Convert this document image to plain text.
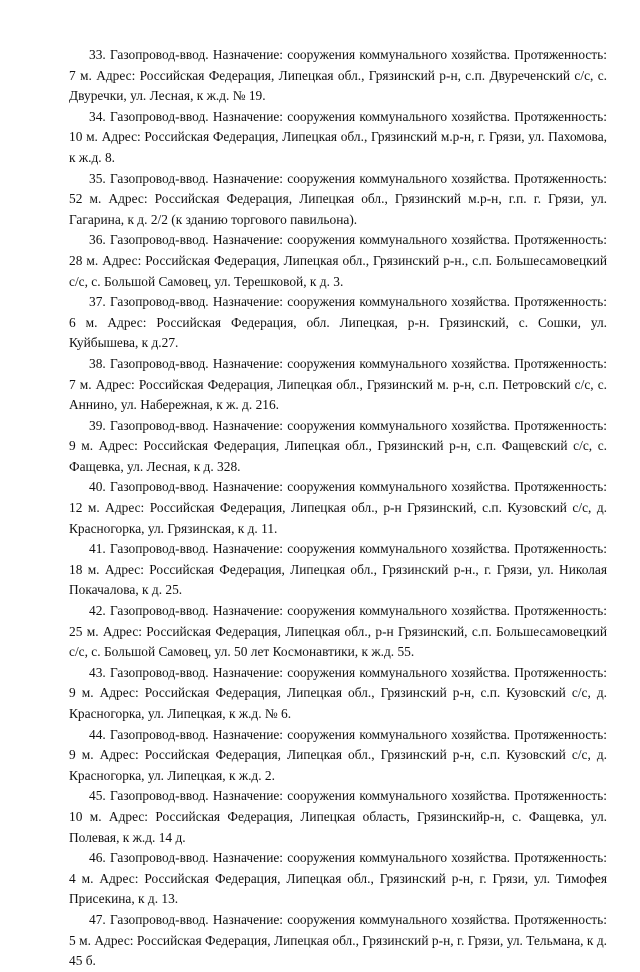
33. Газопровод-ввод. Назначение: сооружения коммунального хозяйства. Протяженность: 7 м. Адрес: Российская Федерация, Липецкая обл., Грязинский р-н, с.п. Двуреченский с/с, с. Двуречки, ул. Лесная, к ж.д. № 19.

34. Газопровод-ввод. Назначение: сооружения коммунального хозяйства. Протяженность: 10 м. Адрес: Российская Федерация, Липецкая обл., Грязинский м.р-н, г. Грязи, ул. Пахомова, к ж.д. 8.

35. Газопровод-ввод. Назначение: сооружения коммунального хозяйства. Протяженность: 52 м. Адрес: Российская Федерация, Липецкая обл., Грязинский м.р-н, г.п. г. Грязи, ул. Гагарина, к д. 2/2 (к зданию торгового павильона).

36. Газопровод-ввод. Назначение: сооружения коммунального хозяйства. Протяженность: 28 м. Адрес: Российская Федерация, Липецкая обл., Грязинский р-н., с.п. Большесамовецкий с/с, с. Большой Самовец, ул. Терешковой, к д. 3.

37. Газопровод-ввод. Назначение: сооружения коммунального хозяйства. Протяженность: 6 м. Адрес: Российская Федерация, обл. Липецкая, р-н. Грязинский, с. Сошки, ул. Куйбышева, к д.27.

38. Газопровод-ввод. Назначение: сооружения коммунального хозяйства. Протяженность: 7 м. Адрес: Российская Федерация, Липецкая обл., Грязинский м. р-н, с.п. Петровский с/с, с. Аннино, ул. Набережная, к ж. д. 216.

39. Газопровод-ввод. Назначение: сооружения коммунального хозяйства. Протяженность: 9 м. Адрес: Российская Федерация, Липецкая обл., Грязинский р-н, с.п. Фащевский с/с, с. Фащевка, ул. Лесная, к д. 328.

40. Газопровод-ввод. Назначение: сооружения коммунального хозяйства. Протяженность: 12 м. Адрес: Российская Федерация, Липецкая обл., р-н Грязинский, с.п. Кузовский с/с, д. Красногорка, ул. Грязинская, к д. 11.

41. Газопровод-ввод. Назначение: сооружения коммунального хозяйства. Протяженность: 18 м. Адрес: Российская Федерация, Липецкая обл., Грязинский р-н., г. Грязи, ул. Николая Покачалова, к д. 25.

42. Газопровод-ввод. Назначение: сооружения коммунального хозяйства. Протяженность: 25 м. Адрес: Российская Федерация, Липецкая обл., р-н Грязинский, с.п. Большесамовецкий с/с, с. Большой Самовец, ул. 50 лет Космонавтики, к ж.д. 55.

43. Газопровод-ввод. Назначение: сооружения коммунального хозяйства. Протяженность: 9 м. Адрес: Российская Федерация, Липецкая обл., Грязинский р-н, с.п. Кузовский с/с, д. Красногорка, ул. Липецкая, к ж.д. № 6.

44. Газопровод-ввод. Назначение: сооружения коммунального хозяйства. Протяженность: 9 м. Адрес: Российская Федерация, Липецкая обл., Грязинский р-н, с.п. Кузовский с/с, д. Красногорка, ул. Липецкая, к ж.д. 2.

45. Газопровод-ввод. Назначение: сооружения коммунального хозяйства. Протяженность: 10 м. Адрес: Российская Федерация, Липецкая область, Грязинскийр-н, с. Фащевка, ул. Полевая, к ж.д. 14 д.

46. Газопровод-ввод. Назначение: сооружения коммунального хозяйства. Протяженность: 4 м. Адрес: Российская Федерация, Липецкая обл., Грязинский р-н, г. Грязи, ул. Тимофея Присекина, к д. 13.

47. Газопровод-ввод. Назначение: сооружения коммунального хозяйства. Протяженность: 5 м. Адрес: Российская Федерация, Липецкая обл., Грязинский р-н, г. Грязи, ул. Тельмана, к д. 45 б.
